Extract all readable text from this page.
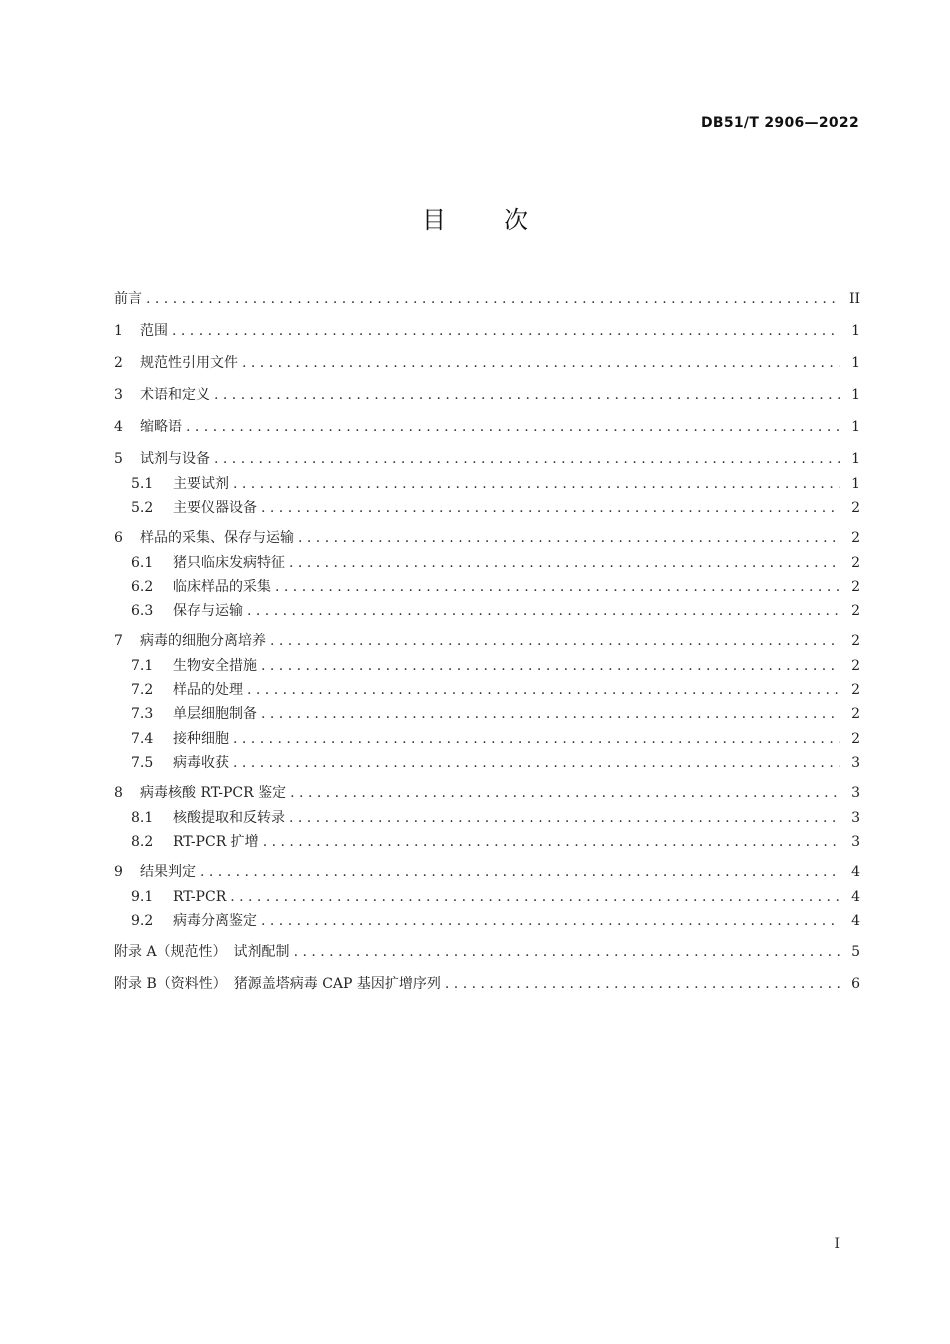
DB51/T 2906—2022
目 次
前言 . . .	II
1	范围 . . .	1
2	规范性引用文件 . . .	1
3	术语和定义 . . .	1
4	缩略语 . . .	1
5	试剂与设备 . . .	1
5.1	主要试剂 . . .	1
5.2	主要仪器设备 . . .	2
6	样品的采集、保存与运输 . . .	2
6.1	猪只临床发病特征 . . .	2
6.2	临床样品的采集 . . .	2
6.3	保存与运输 . . .	2
7	病毒的细胞分离培养 . . .	2
7.1	生物安全措施 . . .	2
7.2	样品的处理 . . .	2
7.3	单层细胞制备 . . .	2
7.4	接种细胞 . . .	2
7.5	病毒收获 . . .	3
8	病毒核酸 RT-PCR 鉴定 . . .	3
8.1	核酸提取和反转录 . . .	3
8.2	RT-PCR 扩增 . . .	3
9	结果判定 . . .	4
9.1	RT-PCR . . .	4
9.2	病毒分离鉴定 . . .	4
附录 A（规范性）　试剂配制 . . .	5
附录 B（资料性）　猪源盖塔病毒 CAP 基因扩增序列 . . .	6
I
